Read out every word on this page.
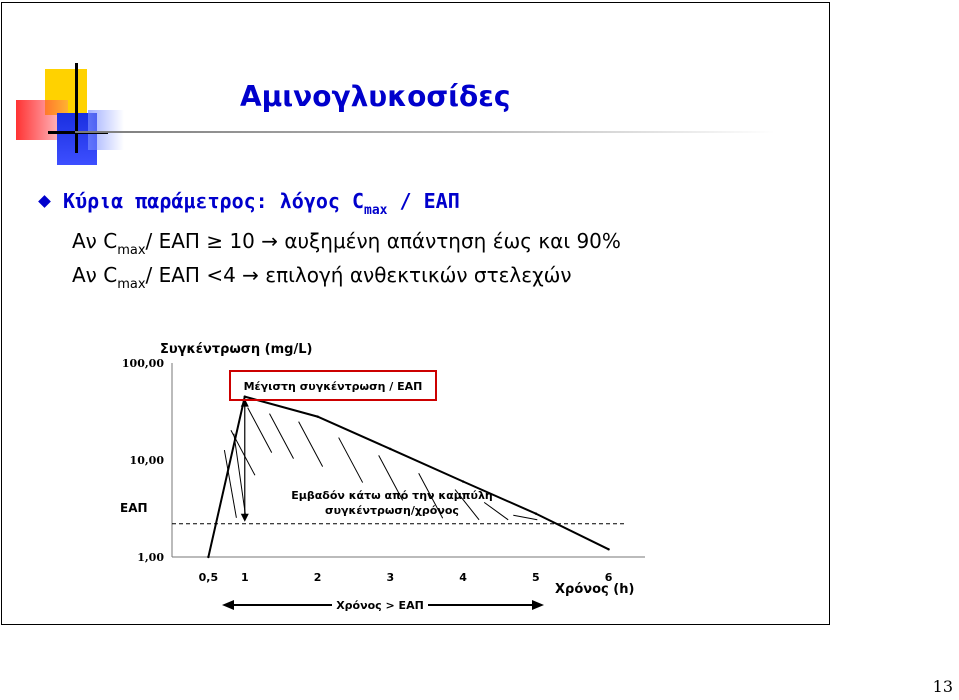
Αμινογλυκοσίδες
Κύρια παράμετρος: λόγος $C_{max}$ / ΕΑΠ
Αν $C_{max}/$ ΕΑΠ ≥ 10 → αυξημένη απάντηση έως και 90%
Αν $C_{max}/$ ΕΑΠ <4 → επιλογή ανθεκτικών στελεχών
Συγκέντρωση (mg/L)
100,00
10,00
1,00
0,5 1	2	3	4	5	6
Χρόνος (h)
ΕΑΠ
Μέγιστη συγκέντρωση / ΕΑΠ
Εμβαδόν κάτω από την καμπύλη
συγκέντρωση/χρόνος
Χρόνος > ΕΑΠ
13
